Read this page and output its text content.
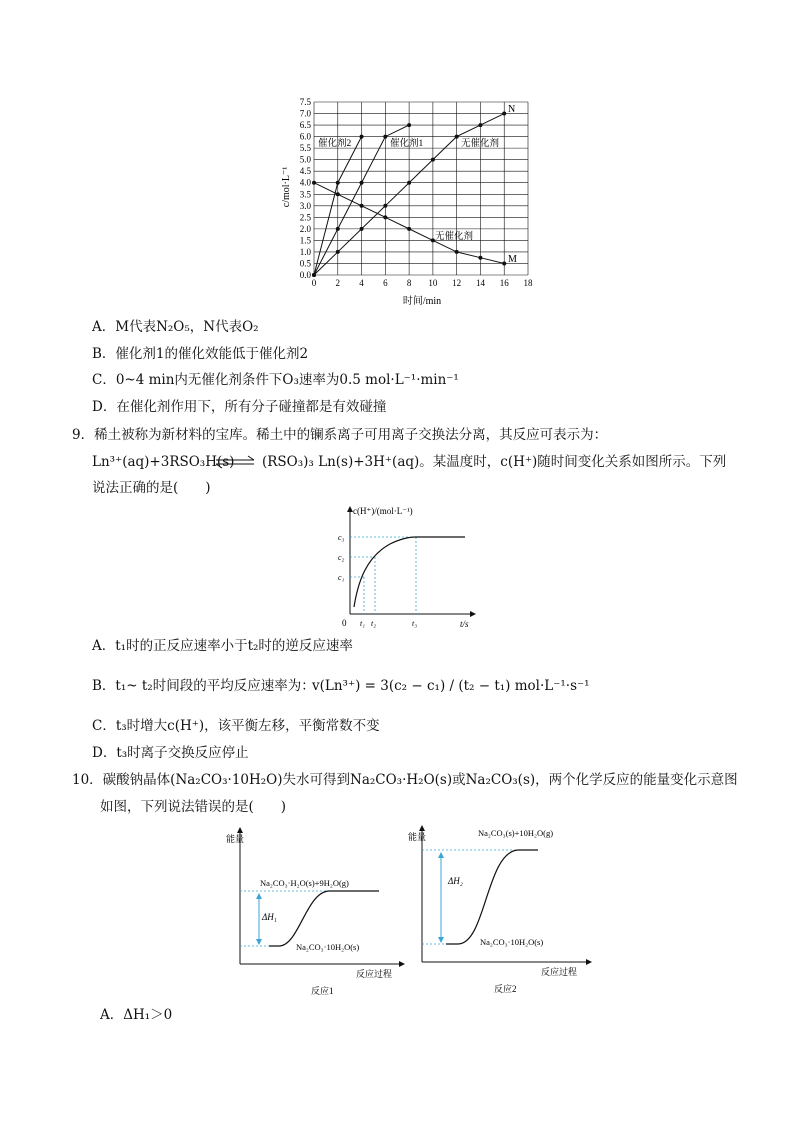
0 2 4 6 8 10 12 14 16 18
0.0
0.5
1.0
1.5
2.0
2.5
3.0
3.5
4.0
4.5
5.0
5.5
6.0
6.5
7.0
7.5
时间/min
c/mol·L⁻¹
催化剂2	催化剂1	无催化剂
无催化剂
N
M
A．M代表N₂O₅，N代表O₂
B．催化剂1的催化效能低于催化剂2
C．0~4 min内无催化剂条件下O₃速率为0.5 mol·L⁻¹·min⁻¹
D．在催化剂作用下，所有分子碰撞都是有效碰撞
9．稀土被称为新材料的宝库。稀土中的镧系离子可用离子交换法分离，其反应可表示为：
Ln³⁺(aq)+3RSO₃H(s) ⇌ (RSO₃)₃ Ln(s)+3H⁺(aq)。某温度时，c(H⁺)随时间变化关系如图所示。下列
说法正确的是(　　)
c(H⁺)/(mol·L⁻¹)
t/s
0
c₃
c₂
c₁
t₁ t₂	t₃
A．t₁时的正反应速率小于t₂时的逆反应速率
B．t₁~ t₂时间段的平均反应速率为：
v(Ln³⁺) = 3(c₂ − c₁) / (t₂ − t₁) mol·L⁻¹·s⁻¹
C．t₃时增大c(H⁺)，该平衡左移，平衡常数不变
D．t₃时离子交换反应停止
10．碳酸钠晶体(Na₂CO₃·10H₂O)失水可得到Na₂CO₃·H₂O(s)或Na₂CO₃(s)，两个化学反应的能量变化示意图
如图，下列说法错误的是(　　)
能量
反应过程
反应1
ΔH₁
Na₂CO₃·H₂O(s)+9H₂O(g)
Na₂CO₃·10H₂O(s)
能量
反应过程
反应2
ΔH₂
Na₂CO₃(s)+10H₂O(g)
Na₂CO₃·10H₂O(s)
A．ΔH₁＞0
